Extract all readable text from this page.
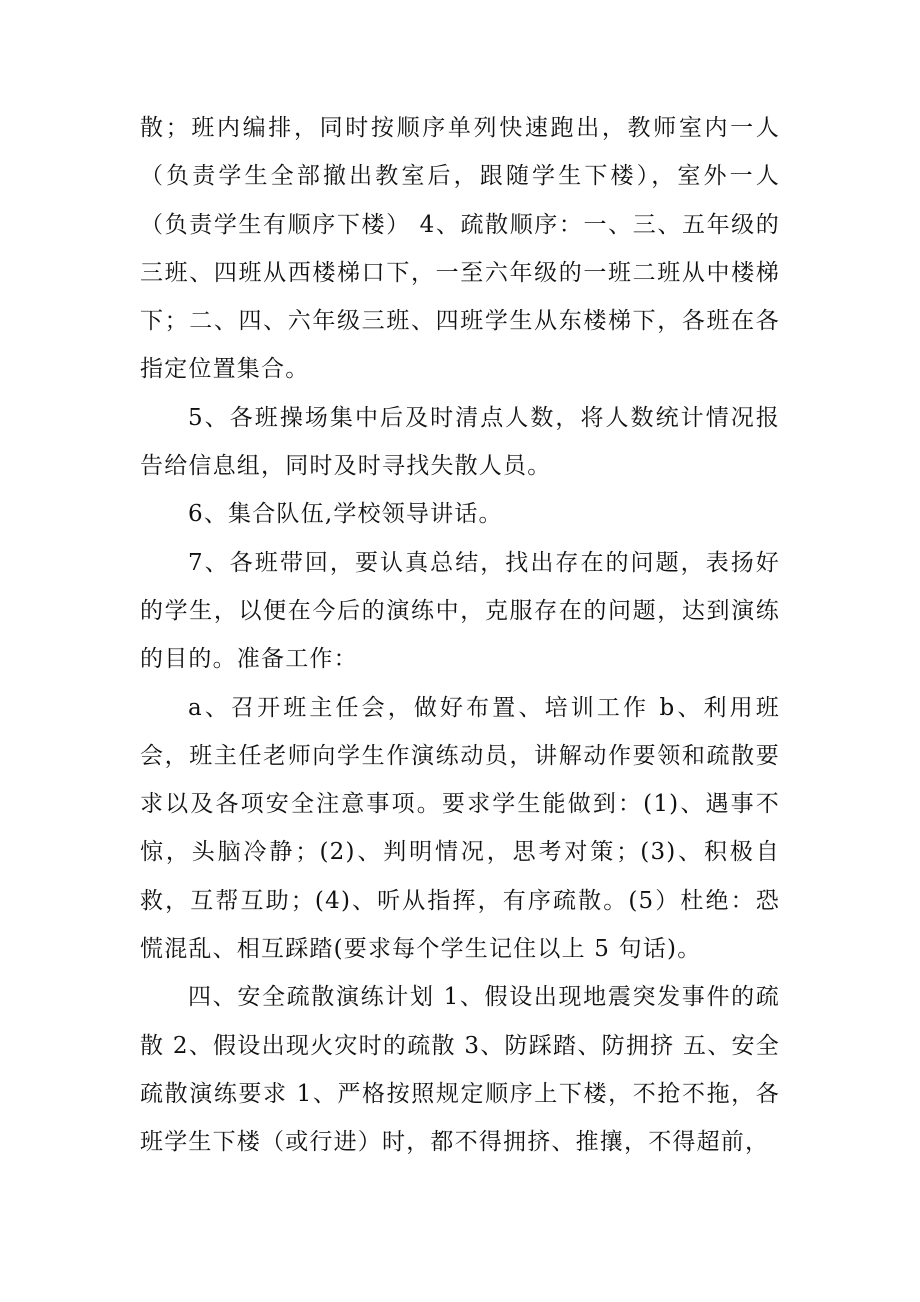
散；班内编排，同时按顺序单列快速跑出，教师室内一人（负责学生全部撤出教室后，跟随学生下楼），室外一人（负责学生有顺序下楼） 4、疏散顺序：一、三、五年级的三班、四班从西楼梯口下，一至六年级的一班二班从中楼梯下；二、四、六年级三班、四班学生从东楼梯下，各班在各指定位置集合。

5、各班操场集中后及时清点人数，将人数统计情况报告给信息组，同时及时寻找失散人员。

6、集合队伍,学校领导讲话。

7、各班带回，要认真总结，找出存在的问题，表扬好的学生，以便在今后的演练中，克服存在的问题，达到演练的目的。准备工作：

a、召开班主任会，做好布置、培训工作 b、利用班会，班主任老师向学生作演练动员，讲解动作要领和疏散要求以及各项安全注意事项。要求学生能做到：(1)、遇事不惊，头脑冷静；(2)、判明情况，思考对策；(3)、积极自救，互帮互助；(4)、听从指挥，有序疏散。(5）杜绝：恐慌混乱、相互踩踏(要求每个学生记住以上 5 句话)。

四、安全疏散演练计划 1、假设出现地震突发事件的疏散 2、假设出现火灾时的疏散 3、防踩踏、防拥挤 五、安全疏散演练要求 1、严格按照规定顺序上下楼，不抢不拖，各班学生下楼（或行进）时，都不得拥挤、推攘，不得超前，
